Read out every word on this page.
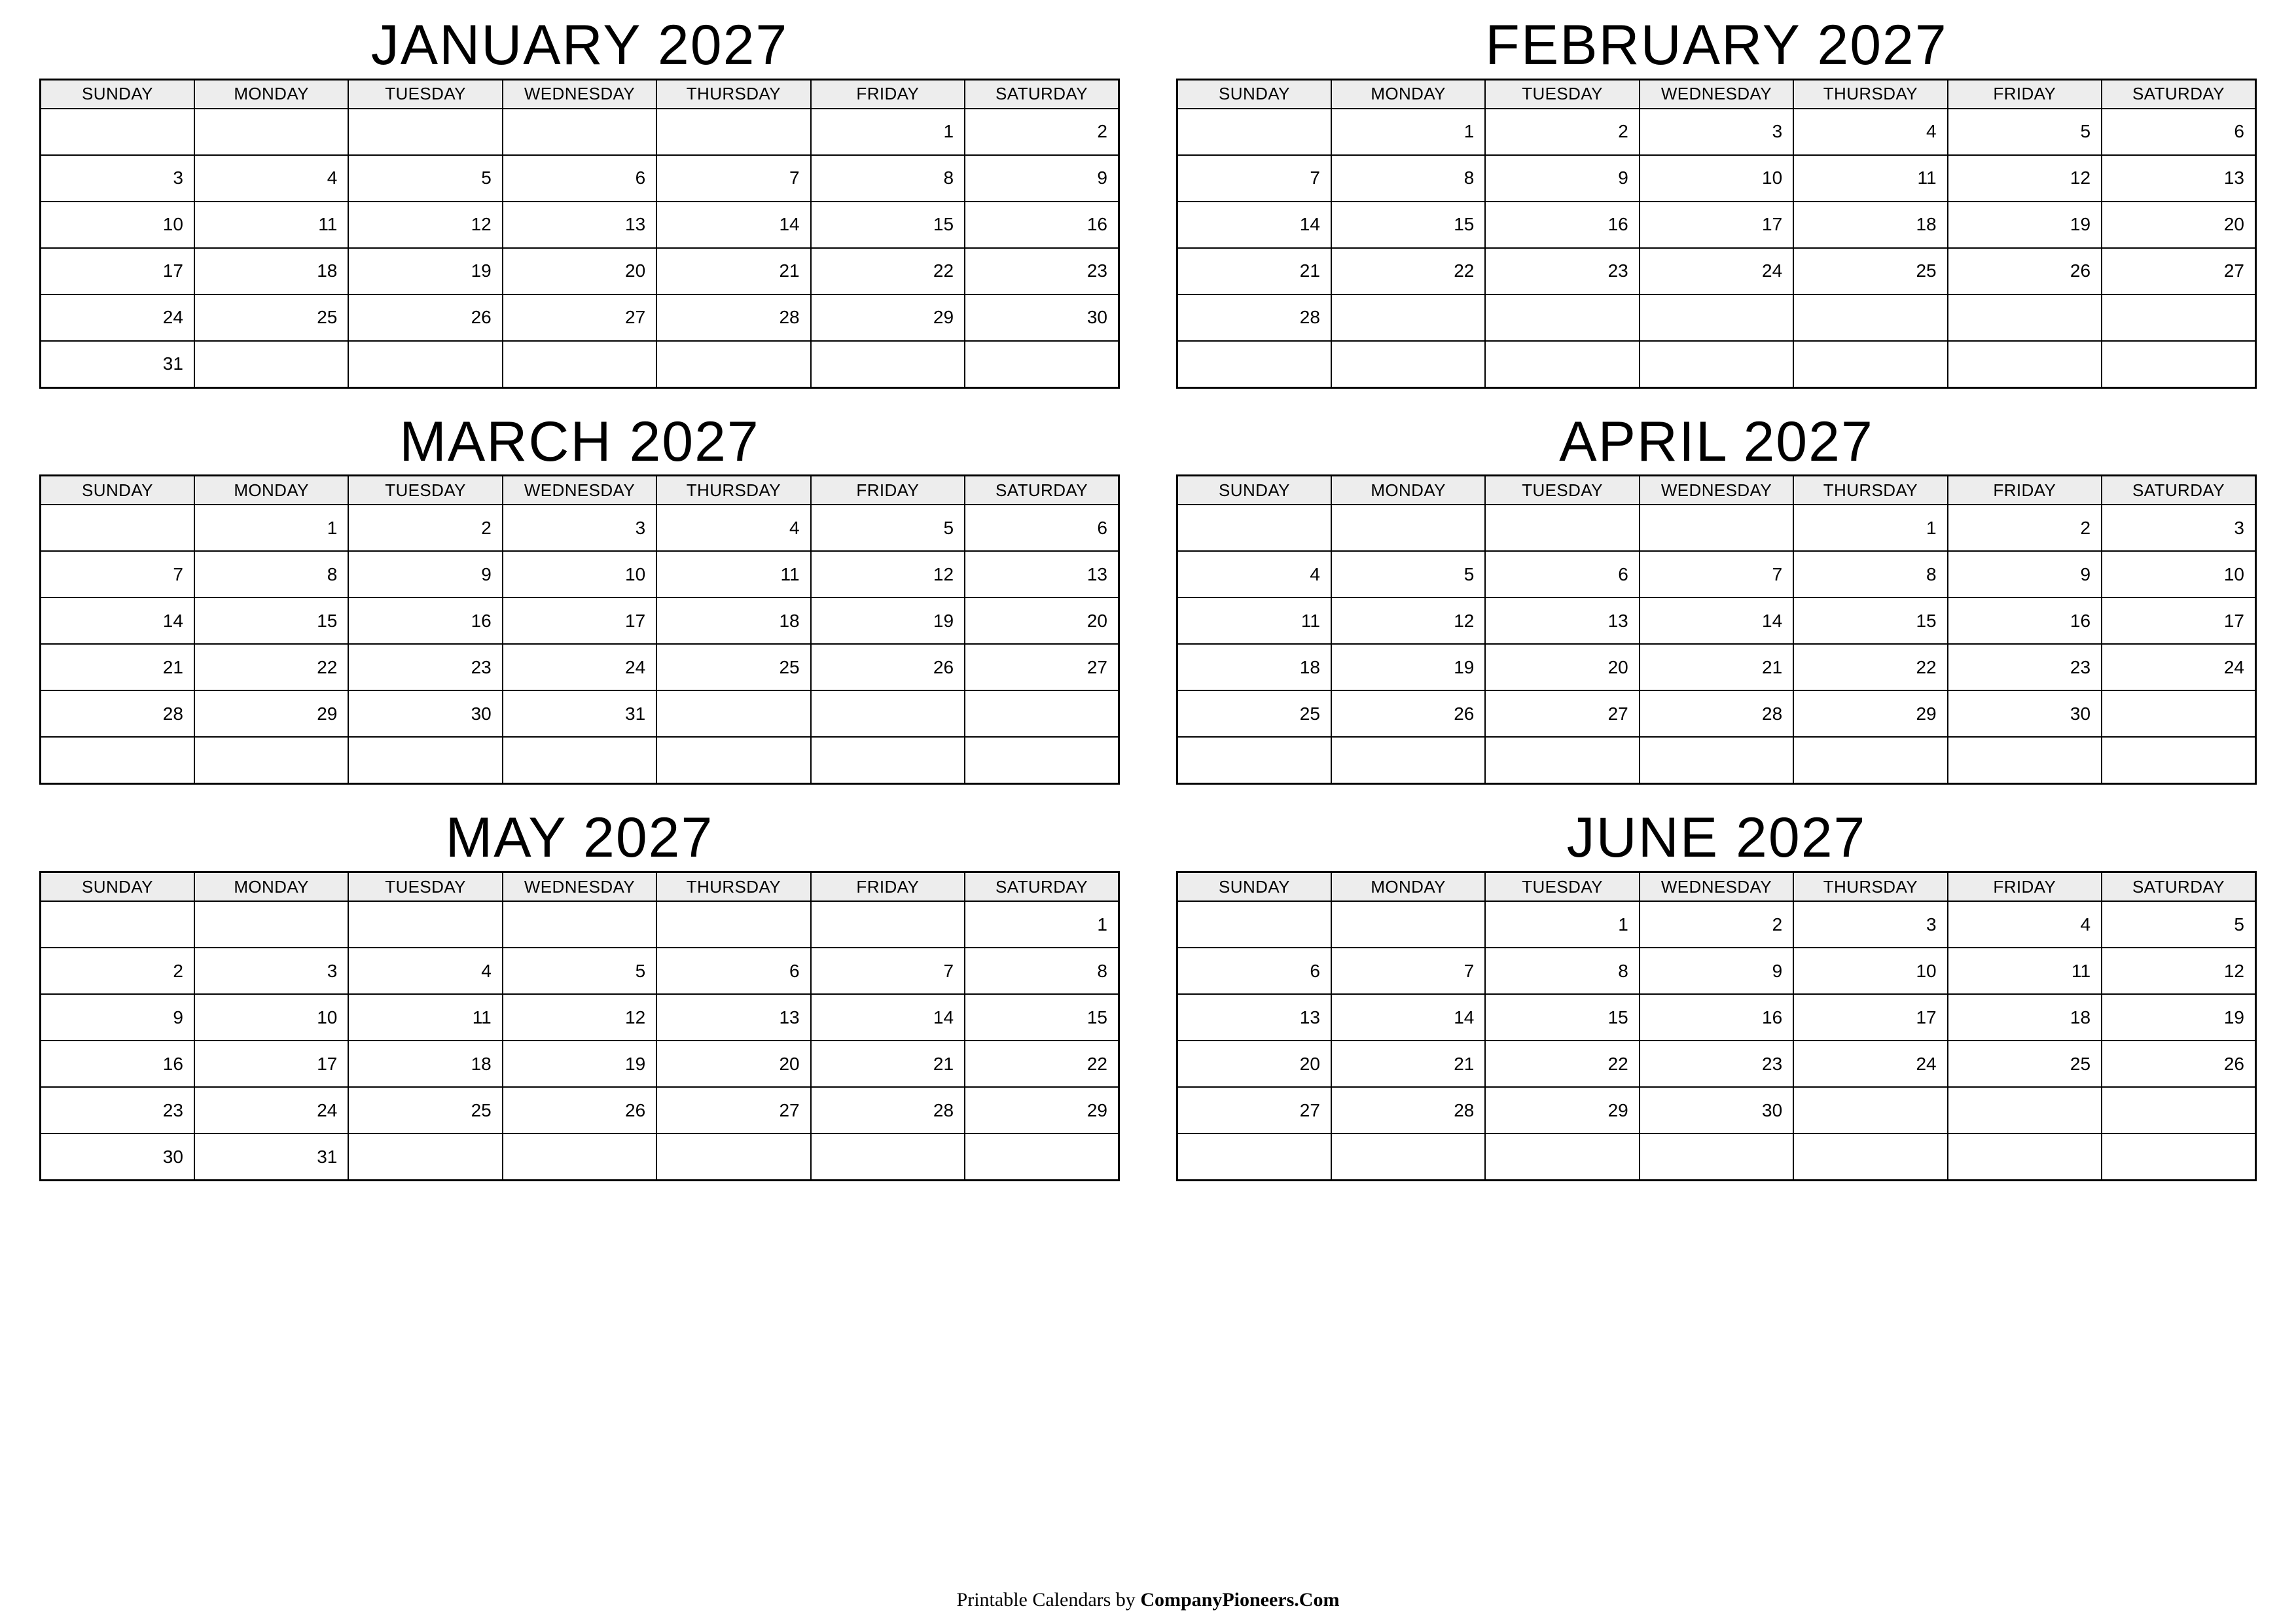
JANUARY 2027
SUNDAY	MONDAY	TUESDAY	WEDNESDAY	THURSDAY	FRIDAY	SATURDAY
					1	2
3	4	5	6	7	8	9
10	11	12	13	14	15	16
17	18	19	20	21	22	23
24	25	26	27	28	29	30
31						
FEBRUARY 2027
SUNDAY	MONDAY	TUESDAY	WEDNESDAY	THURSDAY	FRIDAY	SATURDAY
	1	2	3	4	5	6
7	8	9	10	11	12	13
14	15	16	17	18	19	20
21	22	23	24	25	26	27
28						

MARCH 2027
SUNDAY	MONDAY	TUESDAY	WEDNESDAY	THURSDAY	FRIDAY	SATURDAY
	1	2	3	4	5	6
7	8	9	10	11	12	13
14	15	16	17	18	19	20
21	22	23	24	25	26	27
28	29	30	31			

APRIL 2027
SUNDAY	MONDAY	TUESDAY	WEDNESDAY	THURSDAY	FRIDAY	SATURDAY
				1	2	3
4	5	6	7	8	9	10
11	12	13	14	15	16	17
18	19	20	21	22	23	24
25	26	27	28	29	30	

MAY 2027
SUNDAY	MONDAY	TUESDAY	WEDNESDAY	THURSDAY	FRIDAY	SATURDAY
						1
2	3	4	5	6	7	8
9	10	11	12	13	14	15
16	17	18	19	20	21	22
23	24	25	26	27	28	29
30	31					
JUNE 2027
SUNDAY	MONDAY	TUESDAY	WEDNESDAY	THURSDAY	FRIDAY	SATURDAY
		1	2	3	4	5
6	7	8	9	10	11	12
13	14	15	16	17	18	19
20	21	22	23	24	25	26
27	28	29	30			

Printable Calendars by CompanyPioneers.Com
